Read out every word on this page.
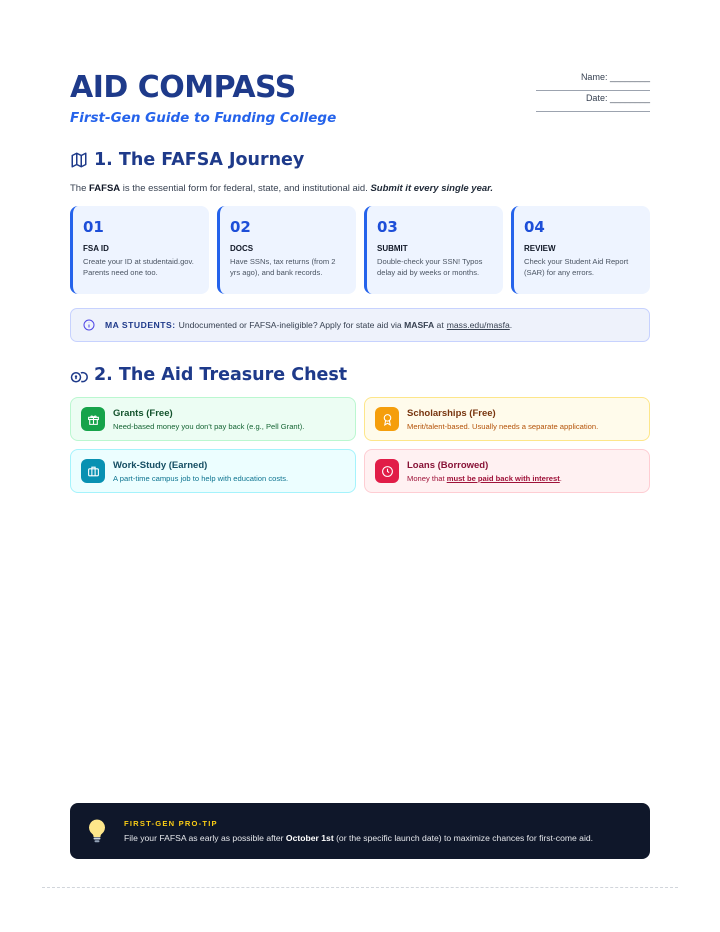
AID COMPASS
First-Gen Guide to Funding College
Name: ________
Date: ________
1. The FAFSA Journey
The FAFSA is the essential form for federal, state, and institutional aid. Submit it every single year.
01
FSA ID
Create your ID at studentaid.gov. Parents need one too.
02
DOCS
Have SSNs, tax returns (from 2 yrs ago), and bank records.
03
SUBMIT
Double-check your SSN! Typos delay aid by weeks or months.
04
REVIEW
Check your Student Aid Report (SAR) for any errors.
MA STUDENTS: Undocumented or FAFSA-ineligible? Apply for state aid via MASFA at mass.edu/masfa .
2. The Aid Treasure Chest
Grants (Free)
Need-based money you don't pay back (e.g., Pell Grant).
Scholarships (Free)
Merit/talent-based. Usually needs a separate application.
Work-Study (Earned)
A part-time campus job to help with education costs.
Loans (Borrowed)
Money that must be paid back with interest.
FIRST-GEN PRO-TIP
File your FAFSA as early as possible after October 1st (or the specific launch date) to maximize chances for first-come aid.
